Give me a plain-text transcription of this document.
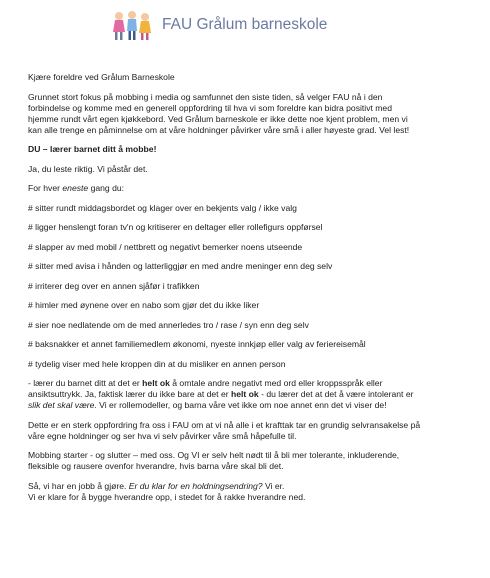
FAU Grålum barneskole

Kjære foreldre ved Grålum Barneskole

Grunnet stort fokus på mobbing i media og samfunnet den siste tiden, så velger FAU nå i den

forbindelse og komme med en generell oppfordring til hva vi som foreldre kan bidra positivt med

hjemme rundt vårt egen kjøkkebord. Ved Grålum barneskole er ikke dette noe kjent problem, men vi

kan alle trenge en påminnelse om at våre holdninger påvirker våre små i aller høyeste grad. Vel lest!

DU – lærer barnet ditt å mobbe!

Ja, du leste riktig. Vi påstår det.

For hver eneste gang du:

# sitter rundt middagsbordet og klager over en bekjents valg / ikke valg

# ligger henslengt foran tv'n og kritiserer en deltager eller rollefigurs oppførsel

# slapper av med mobil / nettbrett og negativt bemerker noens utseende

# sitter med avisa i hånden og latterliggjør en med andre meninger enn deg selv

# irriterer deg over en annen sjåfør i trafikken

# himler med øynene over en nabo som gjør det du ikke liker

# sier noe nedlatende om de med annerledes tro / rase / syn enn deg selv

# baksnakker et annet familiemedlem økonomi, nyeste innkjøp eller valg av feriereisemål

# tydelig viser med hele kroppen din at du misliker en annen person

- lærer du barnet ditt at det er helt ok å omtale andre negativt med ord eller kroppsspråk eller

ansiktsuttrykk. Ja, faktisk lærer du ikke bare at det er helt ok - du lærer det at det å være intolerant er

slik det skal være. Vi er rollemodeller, og barna våre vet ikke om noe annet enn det vi viser de!

Dette er en sterk oppfordring fra oss i FAU om at vi nå alle i et krafttak tar en grundig selvransakelse på

våre egne holdninger og ser hva vi selv påvirker våre små håpefulle til.

Mobbing starter - og slutter – med oss. Og VI er selv helt nødt til å bli mer tolerante, inkluderende,

fleksible og rausere ovenfor hverandre, hvis barna våre skal bli det.

Så, vi har en jobb å gjøre. Er du klar for en holdningsendring? Vi er.

Vi er klare for å bygge hverandre opp, i stedet for å rakke hverandre ned.
